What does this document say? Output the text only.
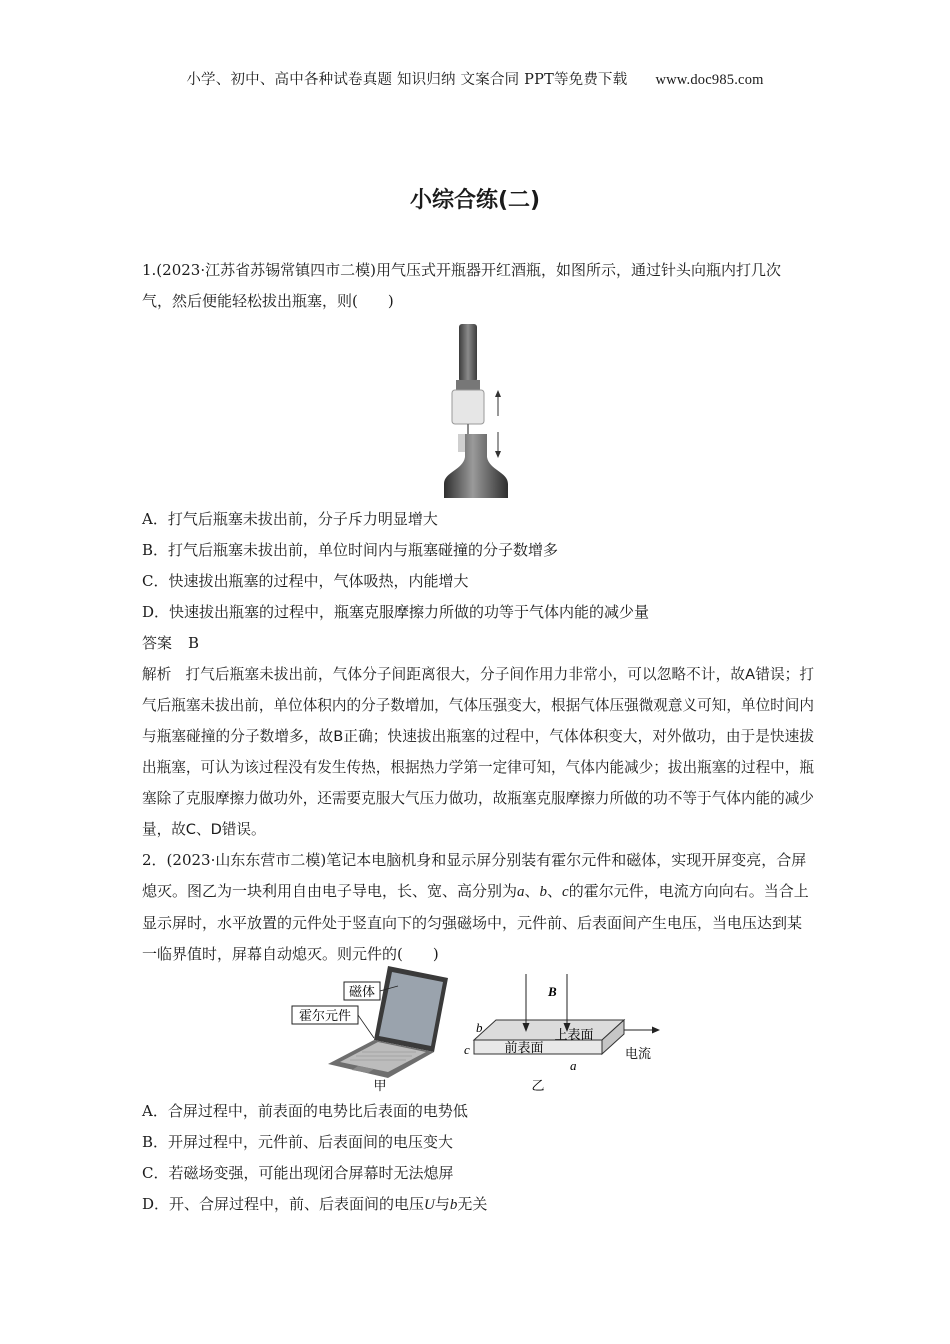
小学、初中、高中各种试卷真题 知识归纳 文案合同 PPT等免费下载 www.doc985.com
小综合练(二)
1.(2023·江苏省苏锡常镇四市二模)用气压式开瓶器开红酒瓶，如图所示，通过针头向瓶内打几次气，然后便能轻松拔出瓶塞，则(　　)
A．打气后瓶塞未拔出前，分子斥力明显增大
B．打气后瓶塞未拔出前，单位时间内与瓶塞碰撞的分子数增多
C．快速拔出瓶塞的过程中，气体吸热，内能增大
D．快速拔出瓶塞的过程中，瓶塞克服摩擦力所做的功等于气体内能的减少量
答案 B
解析 打气后瓶塞未拔出前，气体分子间距离很大，分子间作用力非常小，可以忽略不计，故A错误；打气后瓶塞未拔出前，单位体积内的分子数增加，气体压强变大，根据气体压强微观意义可知，单位时间内与瓶塞碰撞的分子数增多，故B正确；快速拔出瓶塞的过程中，气体体积变大，对外做功，由于是快速拔出瓶塞，可认为该过程没有发生传热，根据热力学第一定律可知，气体内能减少；拔出瓶塞的过程中，瓶塞除了克服摩擦力做功外，还需要克服大气压力做功，故瓶塞克服摩擦力所做的功不等于气体内能的减少量，故C、D错误。
2．(2023·山东东营市二模)笔记本电脑机身和显示屏分别装有霍尔元件和磁体，实现开屏变亮，合屏熄灭。图乙为一块利用自由电子导电，长、宽、高分别为a、b、c的霍尔元件，电流方向向右。当合上显示屏时，水平放置的元件处于竖直向下的匀强磁场中，元件前、后表面间产生电压，当电压达到某一临界值时，屏幕自动熄灭。则元件的(　　)
磁体
霍尔元件
甲
B
上表面
前表面	电流
b
c
a
乙
A．合屏过程中，前表面的电势比后表面的电势低
B．开屏过程中，元件前、后表面间的电压变大
C．若磁场变强，可能出现闭合屏幕时无法熄屏
D．开、合屏过程中，前、后表面间的电压U与b无关
